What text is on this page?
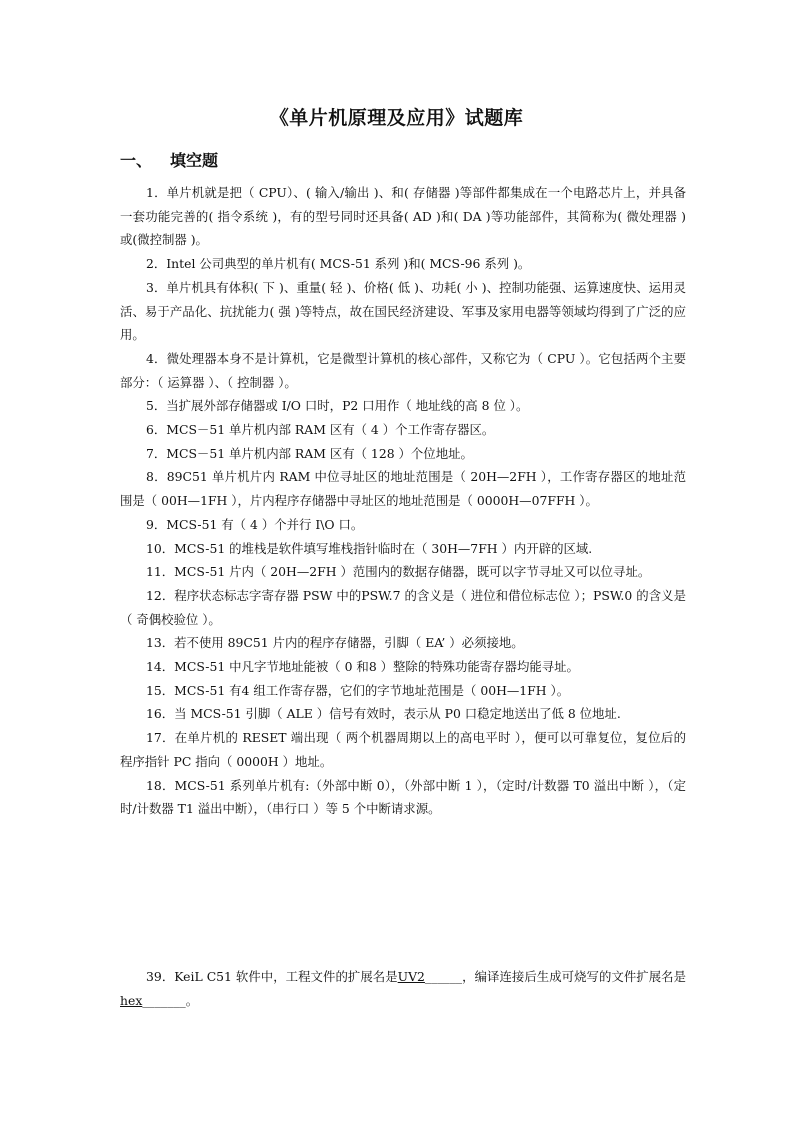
《单片机原理及应用》试题库
一、 填空题

1．单片机就是把（ CPU）、( 输入/输出 )、和( 存储器 )等部件都集成在一个电路芯片上，并具备一套功能完善的( 指令系统 )，有的型号同时还具备( AD )和( DA )等功能部件，其简称为( 微处理器 )或(微控制器 )。

2．Intel 公司典型的单片机有( MCS-51 系列 )和( MCS-96 系列 )。

3．单片机具有体积( 下 )、重量( 轻 )、价格( 低 )、功耗( 小 )、控制功能强、运算速度快、运用灵活、易于产品化、抗扰能力( 强 )等特点，故在国民经济建设、军事及家用电器等领域均得到了广泛的应用。

4．微处理器本身不是计算机，它是微型计算机的核心部件，又称它为（ CPU ）。它包括两个主要部分：（ 运算器 ）、（ 控制器 ）。

5．当扩展外部存储器或 I/O 口时，P2 口用作（ 地址线的高 8 位 ）。

6．MCS－51 单片机内部 RAM 区有（ 4 ）个工作寄存器区。

7．MCS－51 单片机内部 RAM 区有（ 128 ）个位地址。

8．89C51 单片机片内 RAM 中位寻址区的地址范围是（ 20H—2FH ），工作寄存器区的地址范围是（ 00H—1FH ），片内程序存储器中寻址区的地址范围是（ 0000H—07FFH ）。

9．MCS-51 有（ 4 ）个并行 I\O 口。

10．MCS-51 的堆栈是软件填写堆栈指针临时在（ 30H—7FH ）内开辟的区域.

11．MCS-51 片内（ 20H—2FH ）范围内的数据存储器，既可以字节寻址又可以位寻址。

12．程序状态标志字寄存器 PSW 中的PSW.7 的含义是（ 进位和借位标志位 ）；PSW.0 的含义是（ 奇偶校验位 ）。

13．若不使用 89C51 片内的程序存储器，引脚（ EA’ ）必须接地。

14．MCS-51 中凡字节地址能被（ 0 和8 ）整除的特殊功能寄存器均能寻址。

15．MCS-51 有4 组工作寄存器，它们的字节地址范围是（ 00H—1FH ）。

16．当 MCS-51 引脚（ ALE ）信号有效时，表示从 P0 口稳定地送出了低 8 位地址.

17．在单片机的 RESET 端出现（ 两个机器周期以上的高电平时 ），便可以可靠复位，复位后的程序指针 PC 指向（ 0000H ）地址。

18．MCS-51 系列单片机有:（外部中断 0），（外部中断 1 ），（定时/计数器 T0 溢出中断 ），（定时/计数器 T1 溢出中断），（串行口 ）等 5 个中断请求源。

39．KeiL C51 软件中，工程文件的扩展名是UV2______，编译连接后生成可烧写的文件扩展名是hex_______。
